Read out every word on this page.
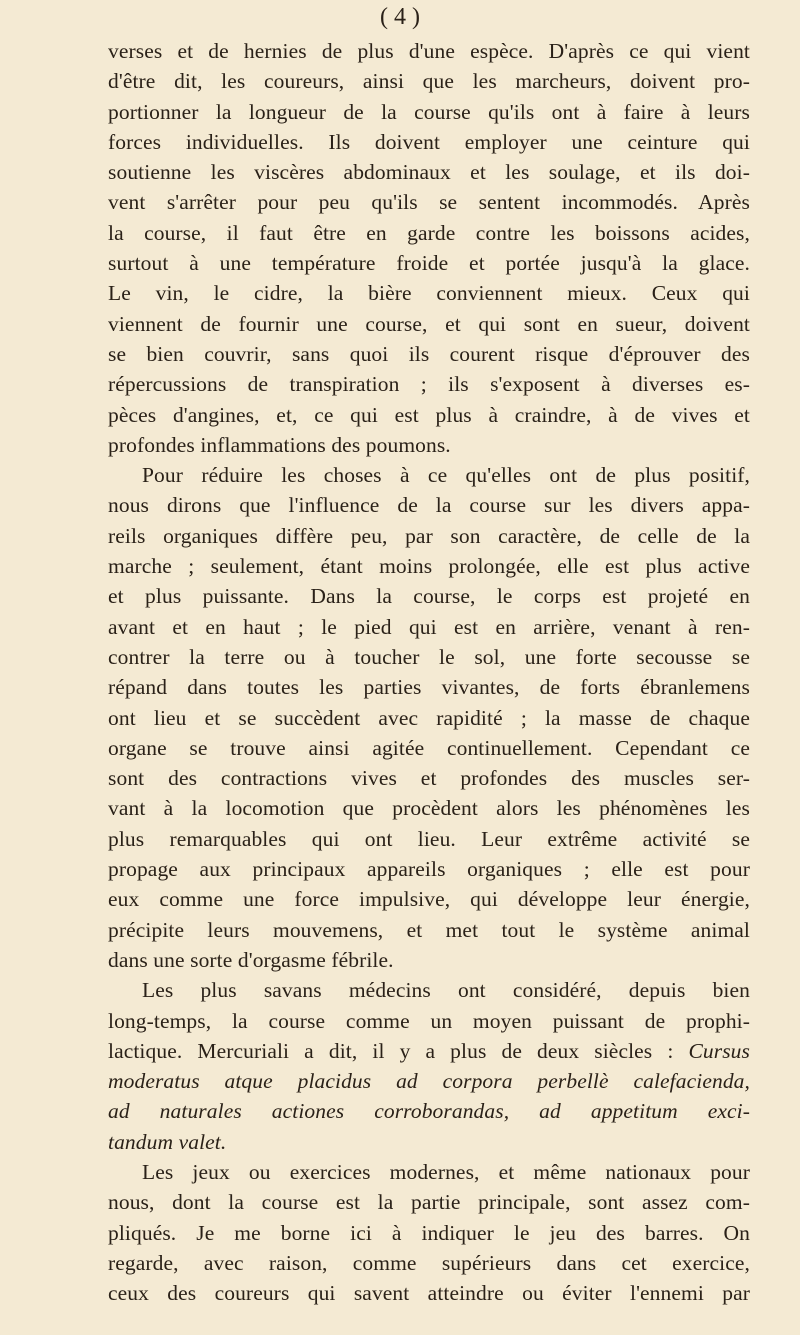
( 4 )
verses et de hernies de plus d'une espèce. D'après ce qui vient
d'être dit, les coureurs, ainsi que les marcheurs, doivent pro-
portionner la longueur de la course qu'ils ont à faire à leurs
forces individuelles. Ils doivent employer une ceinture qui
soutienne les viscères abdominaux et les soulage, et ils doi-
vent s'arrêter pour peu qu'ils se sentent incommodés. Après
la course, il faut être en garde contre les boissons acides,
surtout à une température froide et portée jusqu'à la glace.
Le vin, le cidre, la bière conviennent mieux. Ceux qui
viennent de fournir une course, et qui sont en sueur, doivent
se bien couvrir, sans quoi ils courent risque d'éprouver des
répercussions de transpiration ; ils s'exposent à diverses es-
pèces d'angines, et, ce qui est plus à craindre, à de vives et
profondes inflammations des poumons.
Pour réduire les choses à ce qu'elles ont de plus positif,
nous dirons que l'influence de la course sur les divers appa-
reils organiques diffère peu, par son caractère, de celle de la
marche ; seulement, étant moins prolongée, elle est plus active
et plus puissante. Dans la course, le corps est projeté en
avant et en haut ; le pied qui est en arrière, venant à ren-
contrer la terre ou à toucher le sol, une forte secousse se
répand dans toutes les parties vivantes, de forts ébranlemens
ont lieu et se succèdent avec rapidité ; la masse de chaque
organe se trouve ainsi agitée continuellement. Cependant ce
sont des contractions vives et profondes des muscles ser-
vant à la locomotion que procèdent alors les phénomènes les
plus remarquables qui ont lieu. Leur extrême activité se
propage aux principaux appareils organiques ; elle est pour
eux comme une force impulsive, qui développe leur énergie,
précipite leurs mouvemens, et met tout le système animal
dans une sorte d'orgasme fébrile.
Les plus savans médecins ont considéré, depuis bien
long-temps, la course comme un moyen puissant de prophi-
lactique. Mercuriali a dit, il y a plus de deux siècles : Cursus
moderatus atque placidus ad corpora perbellè calefacienda,
ad naturales actiones corroborandas, ad appetitum exci-
tandum valet.
Les jeux ou exercices modernes, et même nationaux pour
nous, dont la course est la partie principale, sont assez com-
pliqués. Je me borne ici à indiquer le jeu des barres. On
regarde, avec raison, comme supérieurs dans cet exercice,
ceux des coureurs qui savent atteindre ou éviter l'ennemi par
